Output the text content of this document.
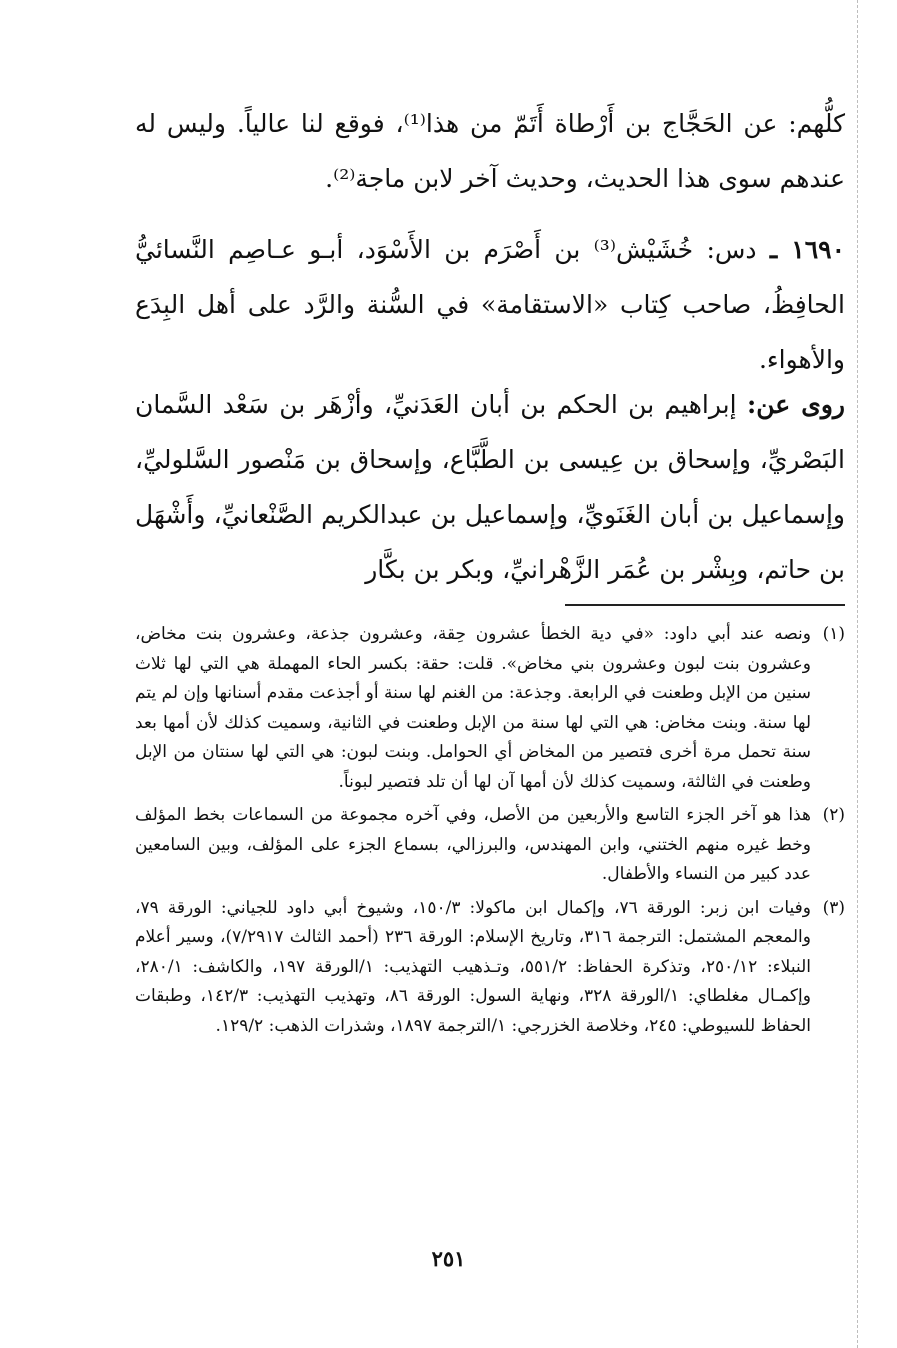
كلُّهم: عن الحَجَّاج بن أَرْطاة أَتَمّ من هذا⁽¹⁾، فوقع لنا عالياً. وليس له عندهم سوى هذا الحديث، وحديث آخر لابن ماجة⁽²⁾.

١٦٩٠ ـ دس: خُشَيْش⁽³⁾ بن أَصْرَم بن الأَسْوَد، أبـو عـاصِم النَّسائيُّ الحافِظُ، صاحب كِتاب «الاستقامة» في السُّنة والرَّد على أهل البِدَع والأهواء.

روى عن: إبراهيم بن الحكم بن أبان العَدَنيِّ، وأزْهَر بن سَعْد السَّمان البَصْريِّ، وإسحاق بن عِيسى بن الطَّبَّاع، وإسحاق بن مَنْصور السَّلوليِّ، وإسماعيل بن أبان الغَنَويِّ، وإسماعيل بن عبدالكريم الصَّنْعانيِّ، وأَشْهَل بن حاتم، وبِشْر بن عُمَر الزَّهْرانيِّ، وبكر بن بكَّار

(١)
ونصه عند أبي داود: «في دية الخطأ عشرون حِقة، وعشرون جذعة، وعشرون بنت مخاض، وعشرون بنت لبون وعشرون بني مخاض». قلت: حقة: بكسر الحاء المهملة هي التي لها ثلاث سنين من الإبل وطعنت في الرابعة. وجذعة: من الغنم لها سنة أو أجذعت مقدم أسنانها وإن لم يتم لها سنة. وبنت مخاض: هي التي لها سنة من الإبل وطعنت في الثانية، وسميت كذلك لأن أمها بعد سنة تحمل مرة أخرى فتصير من المخاض أي الحوامل. وبنت لبون: هي التي لها سنتان من الإبل وطعنت في الثالثة، وسميت كذلك لأن أمها آن لها أن تلد فتصير لبوناً.
(٢)
هذا هو آخر الجزء التاسع والأربعين من الأصل، وفي آخره مجموعة من السماعات بخط المؤلف وخط غيره منهم الختني، وابن المهندس، والبرزالي، بسماع الجزء على المؤلف، وبين السامعين عدد كبير من النساء والأطفال.
(٣)
وفيات ابن زبر: الورقة ٧٦، وإكمال ابن ماكولا: ١٥٠/٣، وشيوخ أبي داود للجياني: الورقة ٧٩، والمعجم المشتمل: الترجمة ٣١٦، وتاريخ الإسلام: الورقة ٢٣٦ (أحمد الثالث ٧/٢٩١٧)، وسير أعلام النبلاء: ٢٥٠/١٢، وتذكرة الحفاظ: ٥٥١/٢، وتـذهيب التهذيب: ١/الورقة ١٩٧، والكاشف: ٢٨٠/١، وإكمـال مغلطاي: ١/الورقة ٣٢٨، ونهاية السول: الورقة ٨٦، وتهذيب التهذيب: ١٤٢/٣، وطبقات الحفاظ للسيوطي: ٢٤٥، وخلاصة الخزرجي: ١/الترجمة ١٨٩٧، وشذرات الذهب: ١٢٩/٢.
٢٥١
